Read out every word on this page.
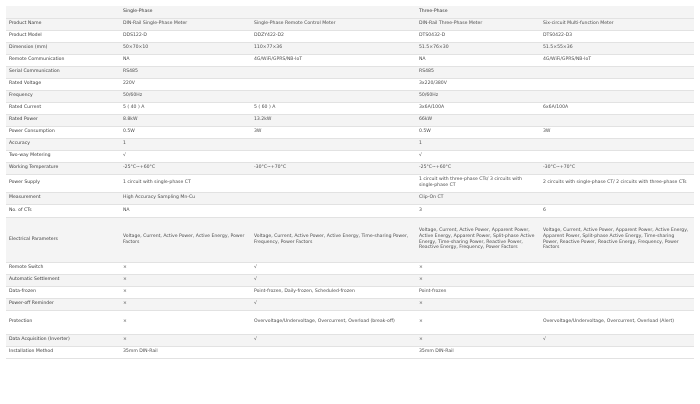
	Single-Phase		Three-Phase	
Product Name	DIN-Rail Single-Phase Meter	Single-Phase Remote Control Meter	DIN-Rail Three-Phase Meter	Six-circuit Multi-function Meter
Product Model	DDS122-D	DDZY422-D2	DTS0432-D	DTS0422-D3
Dimension (mm)	50×70×10	110×77×36	51.5×76×30	51.5×55×36
Remote Communication	NA	4G/WiFi/GPRS/NB-IoT	NA	4G/WiFi/GPRS/NB-IoT
Serial Communication	RS485		RS485	
Rated Voltage	220V		3x220/380V	
Frequency	50/60Hz		50/60Hz	
Rated Current	5 ( 40 ) A	5 ( 60 ) A	3x6A/100A	6x6A/100A
Rated Power	8.8kW	13.2kW	66kW	
Power Consumption	0.5W	3W	0.5W	3W
Accuracy	1		1	
Two-way Metering	√		√	
Working Temperature	-25°C~+60°C	-30°C~+70°C	-25°C~+60°C	-30°C~+70°C
Power Supply	1 circuit with single-phase CT		1 circuit with three-phase CTs/ 3 circuits with single-phase CT	2 circuits with single-phase CT/ 2 circuits with three-phase CTs
Measurement	High Accuracy Sampling Mn-Cu		Clip-On CT	
No. of CTs	NA		3	6
Electrical Parameters	Voltage, Current, Active Power, Active Energy, Power Factors	Voltage, Current, Active Power, Active Energy, Time-sharing Power, Frequency, Power Factors	Voltage, Current, Active Power, Apparent Power, Active Energy, Apparent Power, Split-phase Active Energy, Time-sharing Power, Reactive Power, Reactive Energy, Frequency, Power Factors	Voltage, Current, Active Power, Apparent Power, Active Energy, Apparent Power, Split-phase Active Energy, Time-sharing Power, Reactive Power, Reactive Energy, Frequency, Power Factors
Remote Switch	×	√	×	
Automatic Settlement	×	√	×	
Data-frozen	×	Point-frozen, Daily-frozen, Scheduled-frozen	Point-frozen	
Power-off Reminder	×	√	×	
Protection	×	Overvoltage/Undervoltage, Overcurrent, Overload (break-off)	×	Overvoltage/Undervoltage, Overcurrent, Overload (Alert)
Data Acquisition (Inverter)	×	√	×	√
Installation Method	35mm DIN-Rail		35mm DIN-Rail	
